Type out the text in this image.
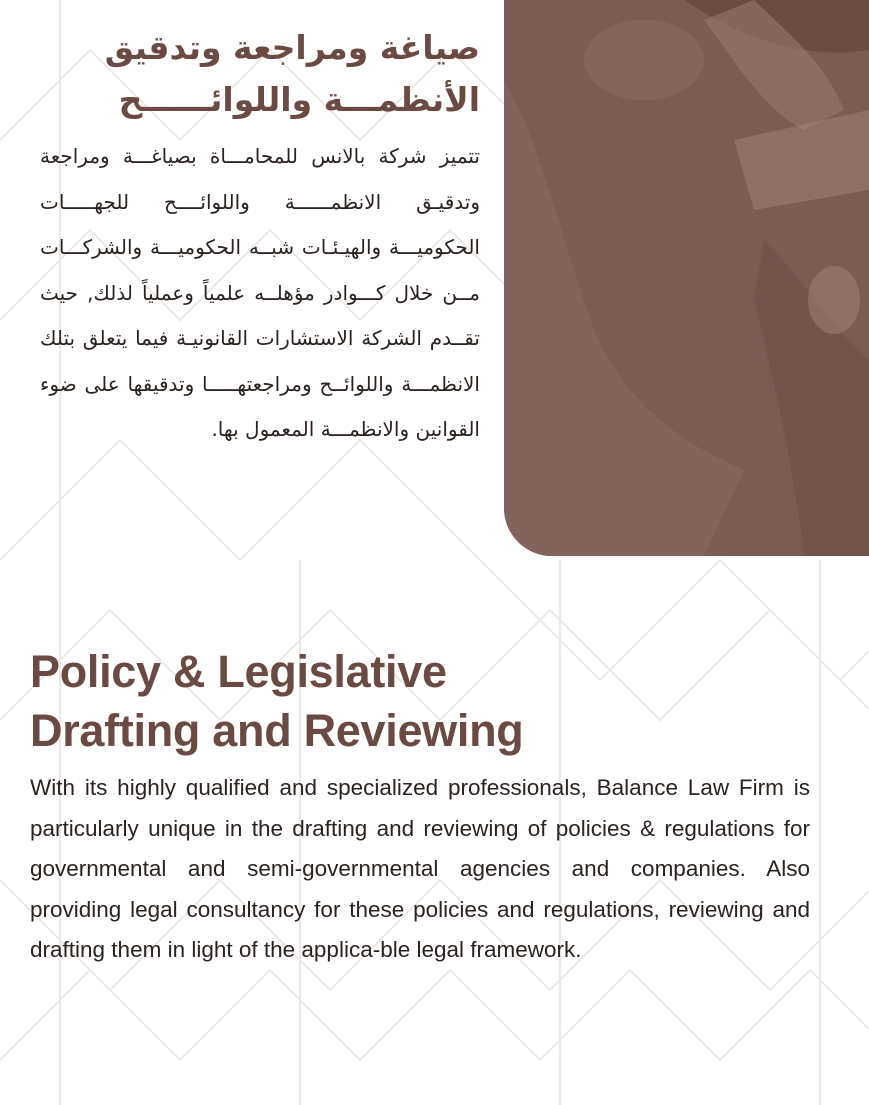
صياغة ومراجعة وتدقيق الأنظمـــة واللوائــــــح

تتميز شركة بالانس للمحامـــاة بصياغـــة ومراجعة وتدقيـق الانظمــــــة واللوائــــح للجهـــــات الحكوميـــة والهيـئـات شبــه الحكوميـــة والشركـــات مــن خلال كـــوادر مؤهلــه علمياً وعملياً لذلك, حيث تقــدم الشركة الاستشارات القانونيـة فيما يتعلق بتلك الانظمـــة واللوائــح ومراجعتهـــــا وتدقيقها على ضوء القوانين والانظمـــة المعمول بها.

Policy & Legislative
Drafting and Reviewing

With its highly qualified and specialized professionals, Balance Law Firm is particularly unique in the drafting and reviewing of policies & regulations for governmental and semi-governmental agencies and companies. Also providing legal consultancy for these policies and regulations, reviewing and drafting them in light of the applica-ble legal framework.
